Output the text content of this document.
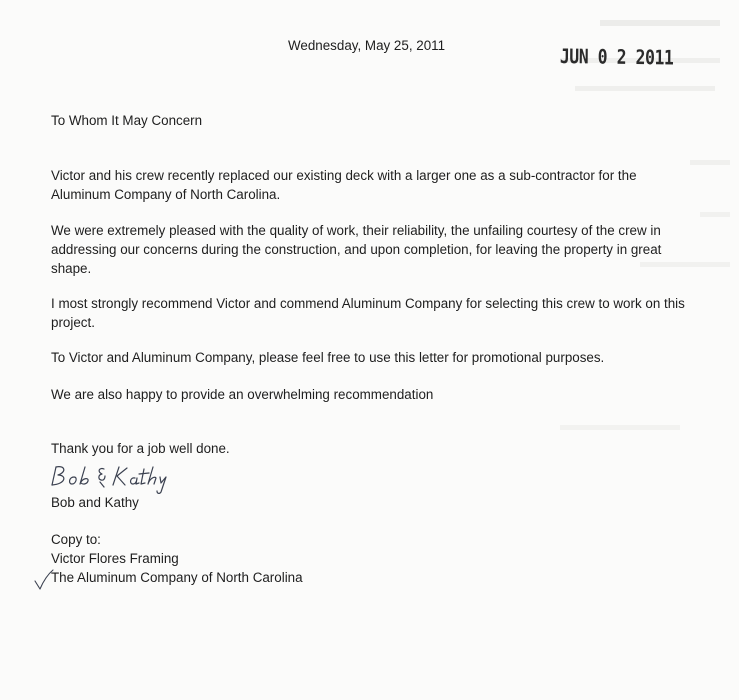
Wednesday, May 25, 2011	JUN 0 2 2011
To Whom It May Concern

Victor and his crew recently replaced our existing deck with a larger one as a sub-contractor for the Aluminum Company of North Carolina.

We were extremely pleased with the quality of work, their reliability, the unfailing courtesy of the crew in addressing our concerns during the construction, and upon completion, for leaving the property in great shape.

I most strongly recommend Victor and commend Aluminum Company for selecting this crew to work on this project.

To Victor and Aluminum Company, please feel free to use this letter for promotional purposes.

We are also happy to provide an overwhelming recommendation

Thank you for a job well done.
Bob and Kathy
Copy to:
Victor Flores Framing
The Aluminum Company of North Carolina
